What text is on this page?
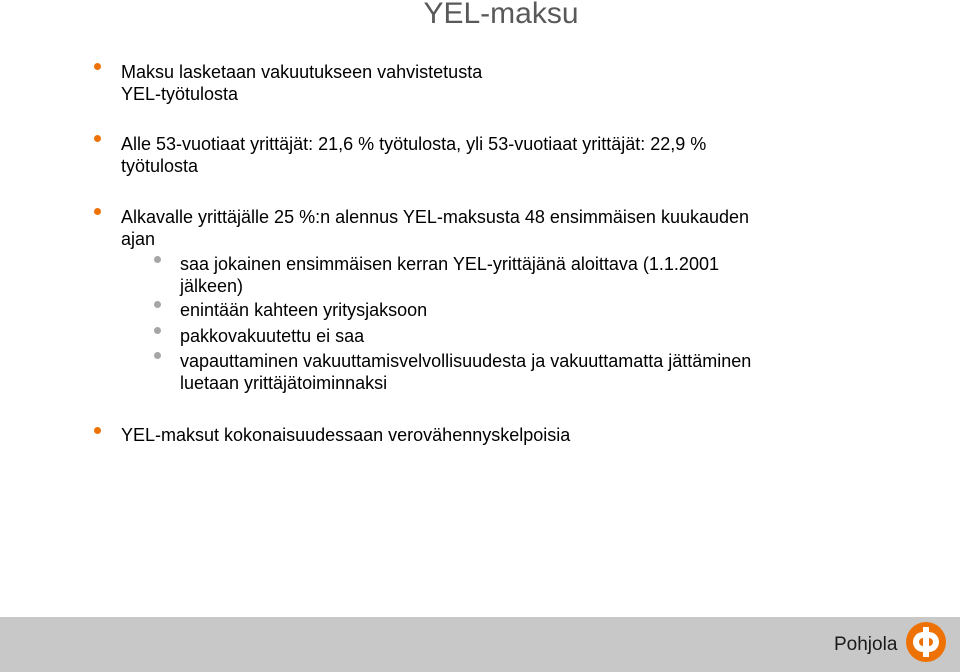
YEL-maksu
Maksu lasketaan vakuutukseen vahvistetusta
YEL-työtulosta
Alle 53-vuotiaat yrittäjät: 21,6 % työtulosta, yli 53-vuotiaat yrittäjät: 22,9 %
työtulosta
Alkavalle yrittäjälle 25 %:n alennus YEL-maksusta 48 ensimmäisen kuukauden
ajan
saa jokainen ensimmäisen kerran YEL-yrittäjänä aloittava (1.1.2001
jälkeen)
enintään kahteen yritysjaksoon
pakkovakuutettu ei saa
vapauttaminen vakuuttamisvelvollisuudesta ja vakuuttamatta jättäminen
luetaan yrittäjätoiminnaksi
YEL-maksut kokonaisuudessaan verovähennyskelpoisia
Pohjola
